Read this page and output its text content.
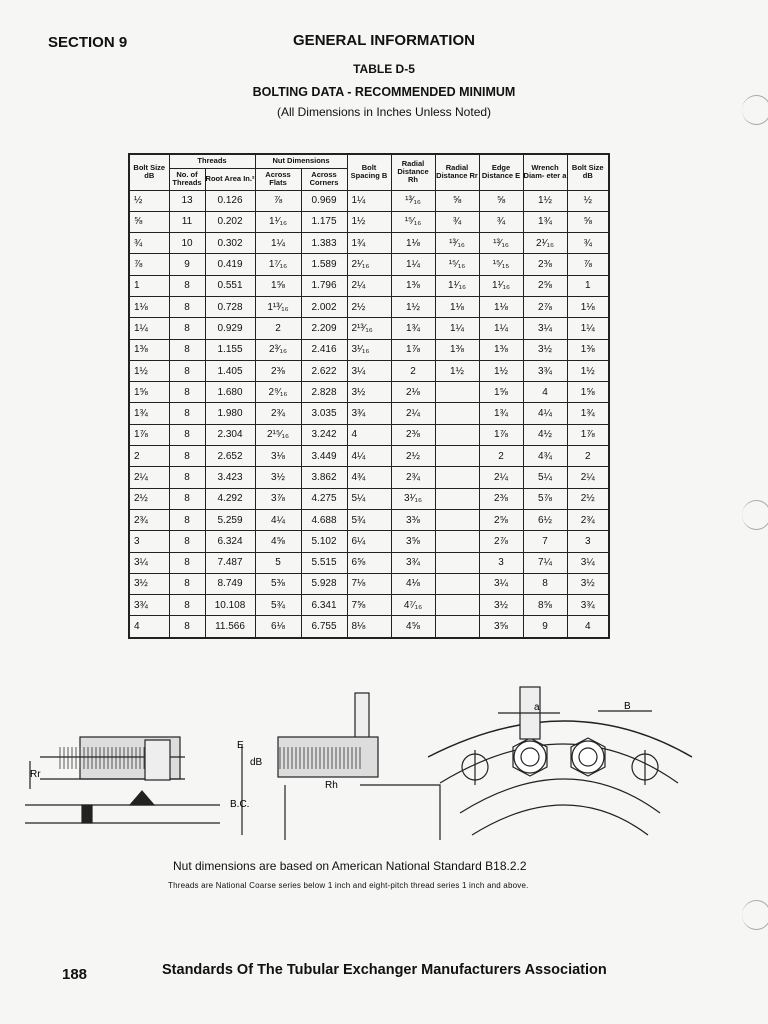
SECTION 9	GENERAL INFORMATION
TABLE D-5
BOLTING DATA - RECOMMENDED MINIMUM
(All Dimensions in Inches Unless Noted)
Bolt Size dB	Threads		Nut Dimensions		Bolt Spacing B	Radial Distance Rh	Radial Distance Rr	Edge Distance E	Wrench Diam- eter a	Bolt Size dB
	No. of Threads	Root Area In.²	Across Flats	Across Corners						
½	13	0.126	⅞	0.969	1¼	¹³⁄₁₆	⅝	⅝	1½	½
⅝	11	0.202	1¹⁄₁₆	1.175	1½	¹⁵⁄₁₆	¾	¾	1¾	⅝
¾	10	0.302	1¼	1.383	1¾	1⅛	¹³⁄₁₆	¹³⁄₁₆	2¹⁄₁₆	¾
⅞	9	0.419	1⁷⁄₁₆	1.589	2¹⁄₁₆	1¼	¹⁵⁄₁₆	¹⁵⁄₁₅	2⅜	⅞
1	8	0.551	1⅝	1.796	2¼	1⅜	1¹⁄₁₆	1¹⁄₁₆	2⅝	1
1⅛	8	0.728	1¹³⁄₁₆	2.002	2½	1½	1⅛	1⅛	2⅞	1⅛
1¼	8	0.929	2	2.209	2¹³⁄₁₆	1¾	1¼	1¼	3¼	1¼
1⅜	8	1.155	2³⁄₁₆	2.416	3¹⁄₁₆	1⅞	1⅜	1⅜	3½	1⅜
1½	8	1.405	2⅜	2.622	3¼	2	1½	1½	3¾	1½
1⅝	8	1.680	2⁹⁄₁₆	2.828	3½	2⅛		1⅝	4	1⅝
1¾	8	1.980	2¾	3.035	3¾	2¼		1¾	4¼	1¾
1⅞	8	2.304	2¹⁵⁄₁₆	3.242	4	2⅜		1⅞	4½	1⅞
2	8	2.652	3⅛	3.449	4¼	2½		2	4¾	2
2¼	8	3.423	3½	3.862	4¾	2¾		2¼	5¼	2¼
2½	8	4.292	3⅞	4.275	5¼	3¹⁄₁₆		2⅜	5⅞	2½
2¾	8	5.259	4¼	4.688	5¾	3⅜		2⅝	6½	2¾
3	8	6.324	4⅝	5.102	6¼	3⅝		2⅞	7	3
3¼	8	7.487	5	5.515	6⅝	3¾		3	7¼	3¼
3½	8	8.749	5⅜	5.928	7⅛	4⅛		3¼	8	3½
3¾	8	10.108	5¾	6.341	7⅝	4⁷⁄₁₆		3½	8⅝	3¾
4	8	11.566	6⅛	6.755	8⅛	4⅝		3⅝	9	4
Rr
E
dB
B.C.
Rh
a	B
Nut dimensions are based on American National Standard B18.2.2
Threads are National Coarse series below 1 inch and eight-pitch thread series 1 inch and above.
188	Standards Of The Tubular Exchanger Manufacturers Association
